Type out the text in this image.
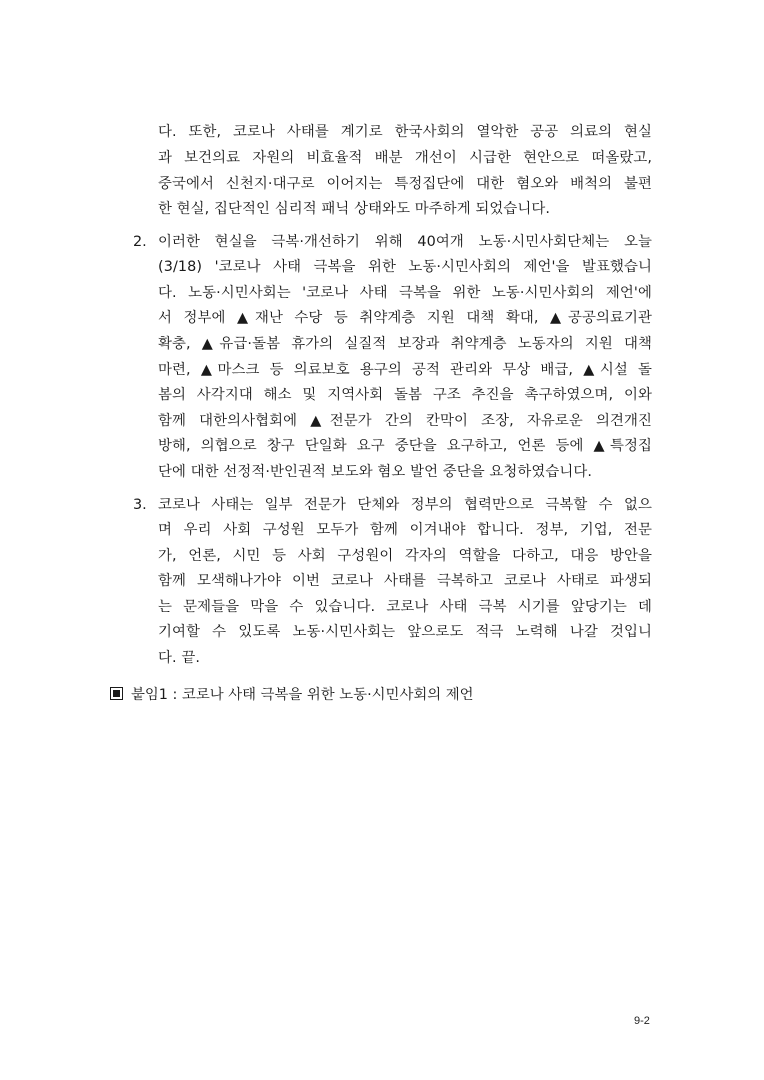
다. 또한, 코로나 사태를 계기로 한국사회의 열악한 공공 의료의 현실
과 보건의료 자원의 비효율적 배분 개선이 시급한 현안으로 떠올랐고,
중국에서 신천지·대구로 이어지는 특정집단에 대한 혐오와 배척의 불편
한 현실, 집단적인 심리적 패닉 상태와도 마주하게 되었습니다.
2. 이러한 현실을 극복·개선하기 위해 40여개 노동·시민사회단체는 오늘
(3/18) '코로나 사태 극복을 위한 노동·시민사회의 제언'을 발표했습니
다. 노동·시민사회는 '코로나 사태 극복을 위한 노동·시민사회의 제언'에
서 정부에 ▲재난 수당 등 취약계층 지원 대책 확대, ▲공공의료기관
확충, ▲유급·돌봄 휴가의 실질적 보장과 취약계층 노동자의 지원 대책
마련, ▲마스크 등 의료보호 용구의 공적 관리와 무상 배급, ▲시설 돌
봄의 사각지대 해소 및 지역사회 돌봄 구조 추진을 촉구하였으며, 이와
함께 대한의사협회에 ▲전문가 간의 칸막이 조장, 자유로운 의견개진
방해, 의협으로 창구 단일화 요구 중단을 요구하고, 언론 등에 ▲특정집
단에 대한 선정적·반인권적 보도와 혐오 발언 중단을 요청하였습니다.
3. 코로나 사태는 일부 전문가 단체와 정부의 협력만으로 극복할 수 없으
며 우리 사회 구성원 모두가 함께 이겨내야 합니다. 정부, 기업, 전문
가, 언론, 시민 등 사회 구성원이 각자의 역할을 다하고, 대응 방안을
함께 모색해나가야 이번 코로나 사태를 극복하고 코로나 사태로 파생되
는 문제들을 막을 수 있습니다. 코로나 사태 극복 시기를 앞당기는 데
기여할 수 있도록 노동·시민사회는 앞으로도 적극 노력해 나갈 것입니
다. 끝.
붙임1 : 코로나 사태 극복을 위한 노동·시민사회의 제언
9-2
